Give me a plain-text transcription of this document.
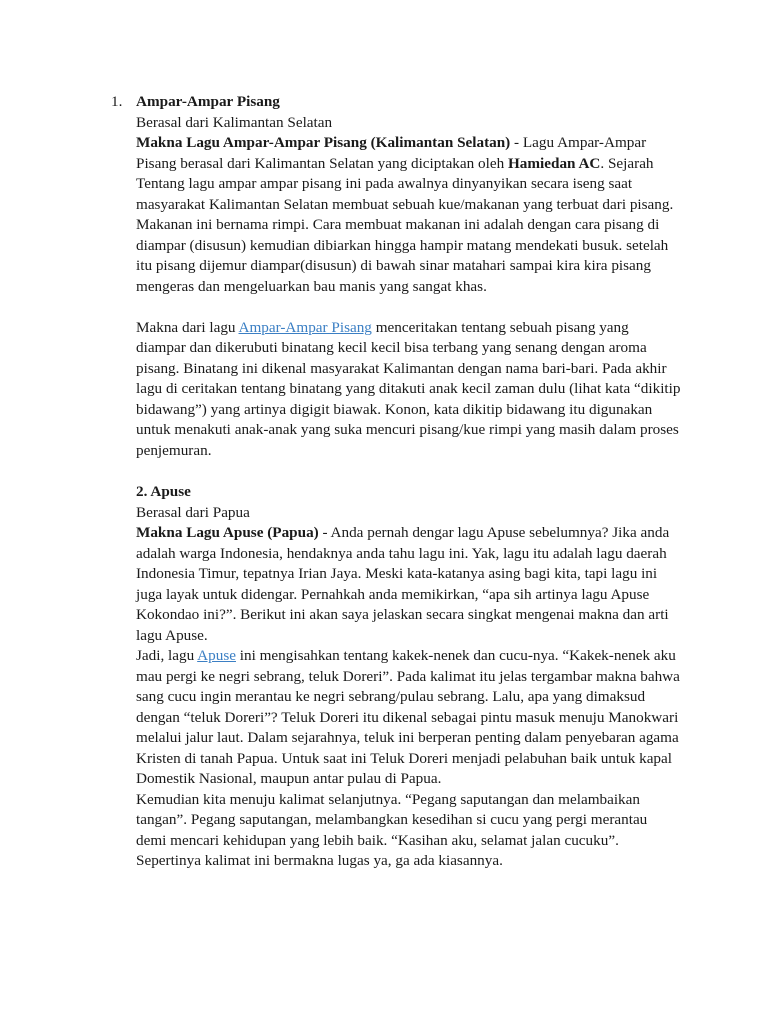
1. Ampar-Ampar Pisang

Berasal dari Kalimantan Selatan

Makna Lagu Ampar-Ampar Pisang (Kalimantan Selatan) - Lagu Ampar-Ampar Pisang berasal dari Kalimantan Selatan yang diciptakan oleh Hamiedan AC. Sejarah Tentang lagu ampar ampar pisang ini pada awalnya dinyanyikan secara iseng saat masyarakat Kalimantan Selatan membuat sebuah kue/makanan yang terbuat dari pisang. Makanan ini bernama rimpi. Cara membuat makanan ini adalah dengan cara pisang di diampar (disusun) kemudian dibiarkan hingga hampir matang mendekati busuk. setelah itu pisang dijemur diampar(disusun) di bawah sinar matahari sampai kira kira pisang mengeras dan mengeluarkan bau manis yang sangat khas.

Makna dari lagu Ampar-Ampar Pisang menceritakan tentang sebuah pisang yang diampar dan dikerubuti binatang kecil kecil bisa terbang yang senang dengan aroma pisang. Binatang ini dikenal masyarakat Kalimantan dengan nama bari-bari. Pada akhir lagu di ceritakan tentang binatang yang ditakuti anak kecil zaman dulu (lihat kata “dikitip bidawang”) yang artinya digigit biawak. Konon, kata dikitip bidawang itu digunakan untuk menakuti anak-anak yang suka mencuri pisang/kue rimpi yang masih dalam proses penjemuran.

2. Apuse

Berasal dari Papua

Makna Lagu Apuse (Papua) - Anda pernah dengar lagu Apuse sebelumnya? Jika anda adalah warga Indonesia, hendaknya anda tahu lagu ini. Yak, lagu itu adalah lagu daerah Indonesia Timur, tepatnya Irian Jaya. Meski kata-katanya asing bagi kita, tapi lagu ini juga layak untuk didengar. Pernahkah anda memikirkan, “apa sih artinya lagu Apuse Kokondao ini?”. Berikut ini akan saya jelaskan secara singkat mengenai makna dan arti lagu Apuse.

Jadi, lagu Apuse ini mengisahkan tentang kakek-nenek dan cucu-nya. “Kakek-nenek aku mau pergi ke negri sebrang, teluk Doreri”. Pada kalimat itu jelas tergambar makna bahwa sang cucu ingin merantau ke negri sebrang/pulau sebrang. Lalu, apa yang dimaksud dengan “teluk Doreri”? Teluk Doreri itu dikenal sebagai pintu masuk menuju Manokwari melalui jalur laut. Dalam sejarahnya, teluk ini berperan penting dalam penyebaran agama Kristen di tanah Papua. Untuk saat ini Teluk Doreri menjadi pelabuhan baik untuk kapal Domestik Nasional, maupun antar pulau di Papua.

Kemudian kita menuju kalimat selanjutnya. “Pegang saputangan dan melambaikan tangan”. Pegang saputangan, melambangkan kesedihan si cucu yang pergi merantau demi mencari kehidupan yang lebih baik. “Kasihan aku, selamat jalan cucuku”. Sepertinya kalimat ini bermakna lugas ya, ga ada kiasannya.
